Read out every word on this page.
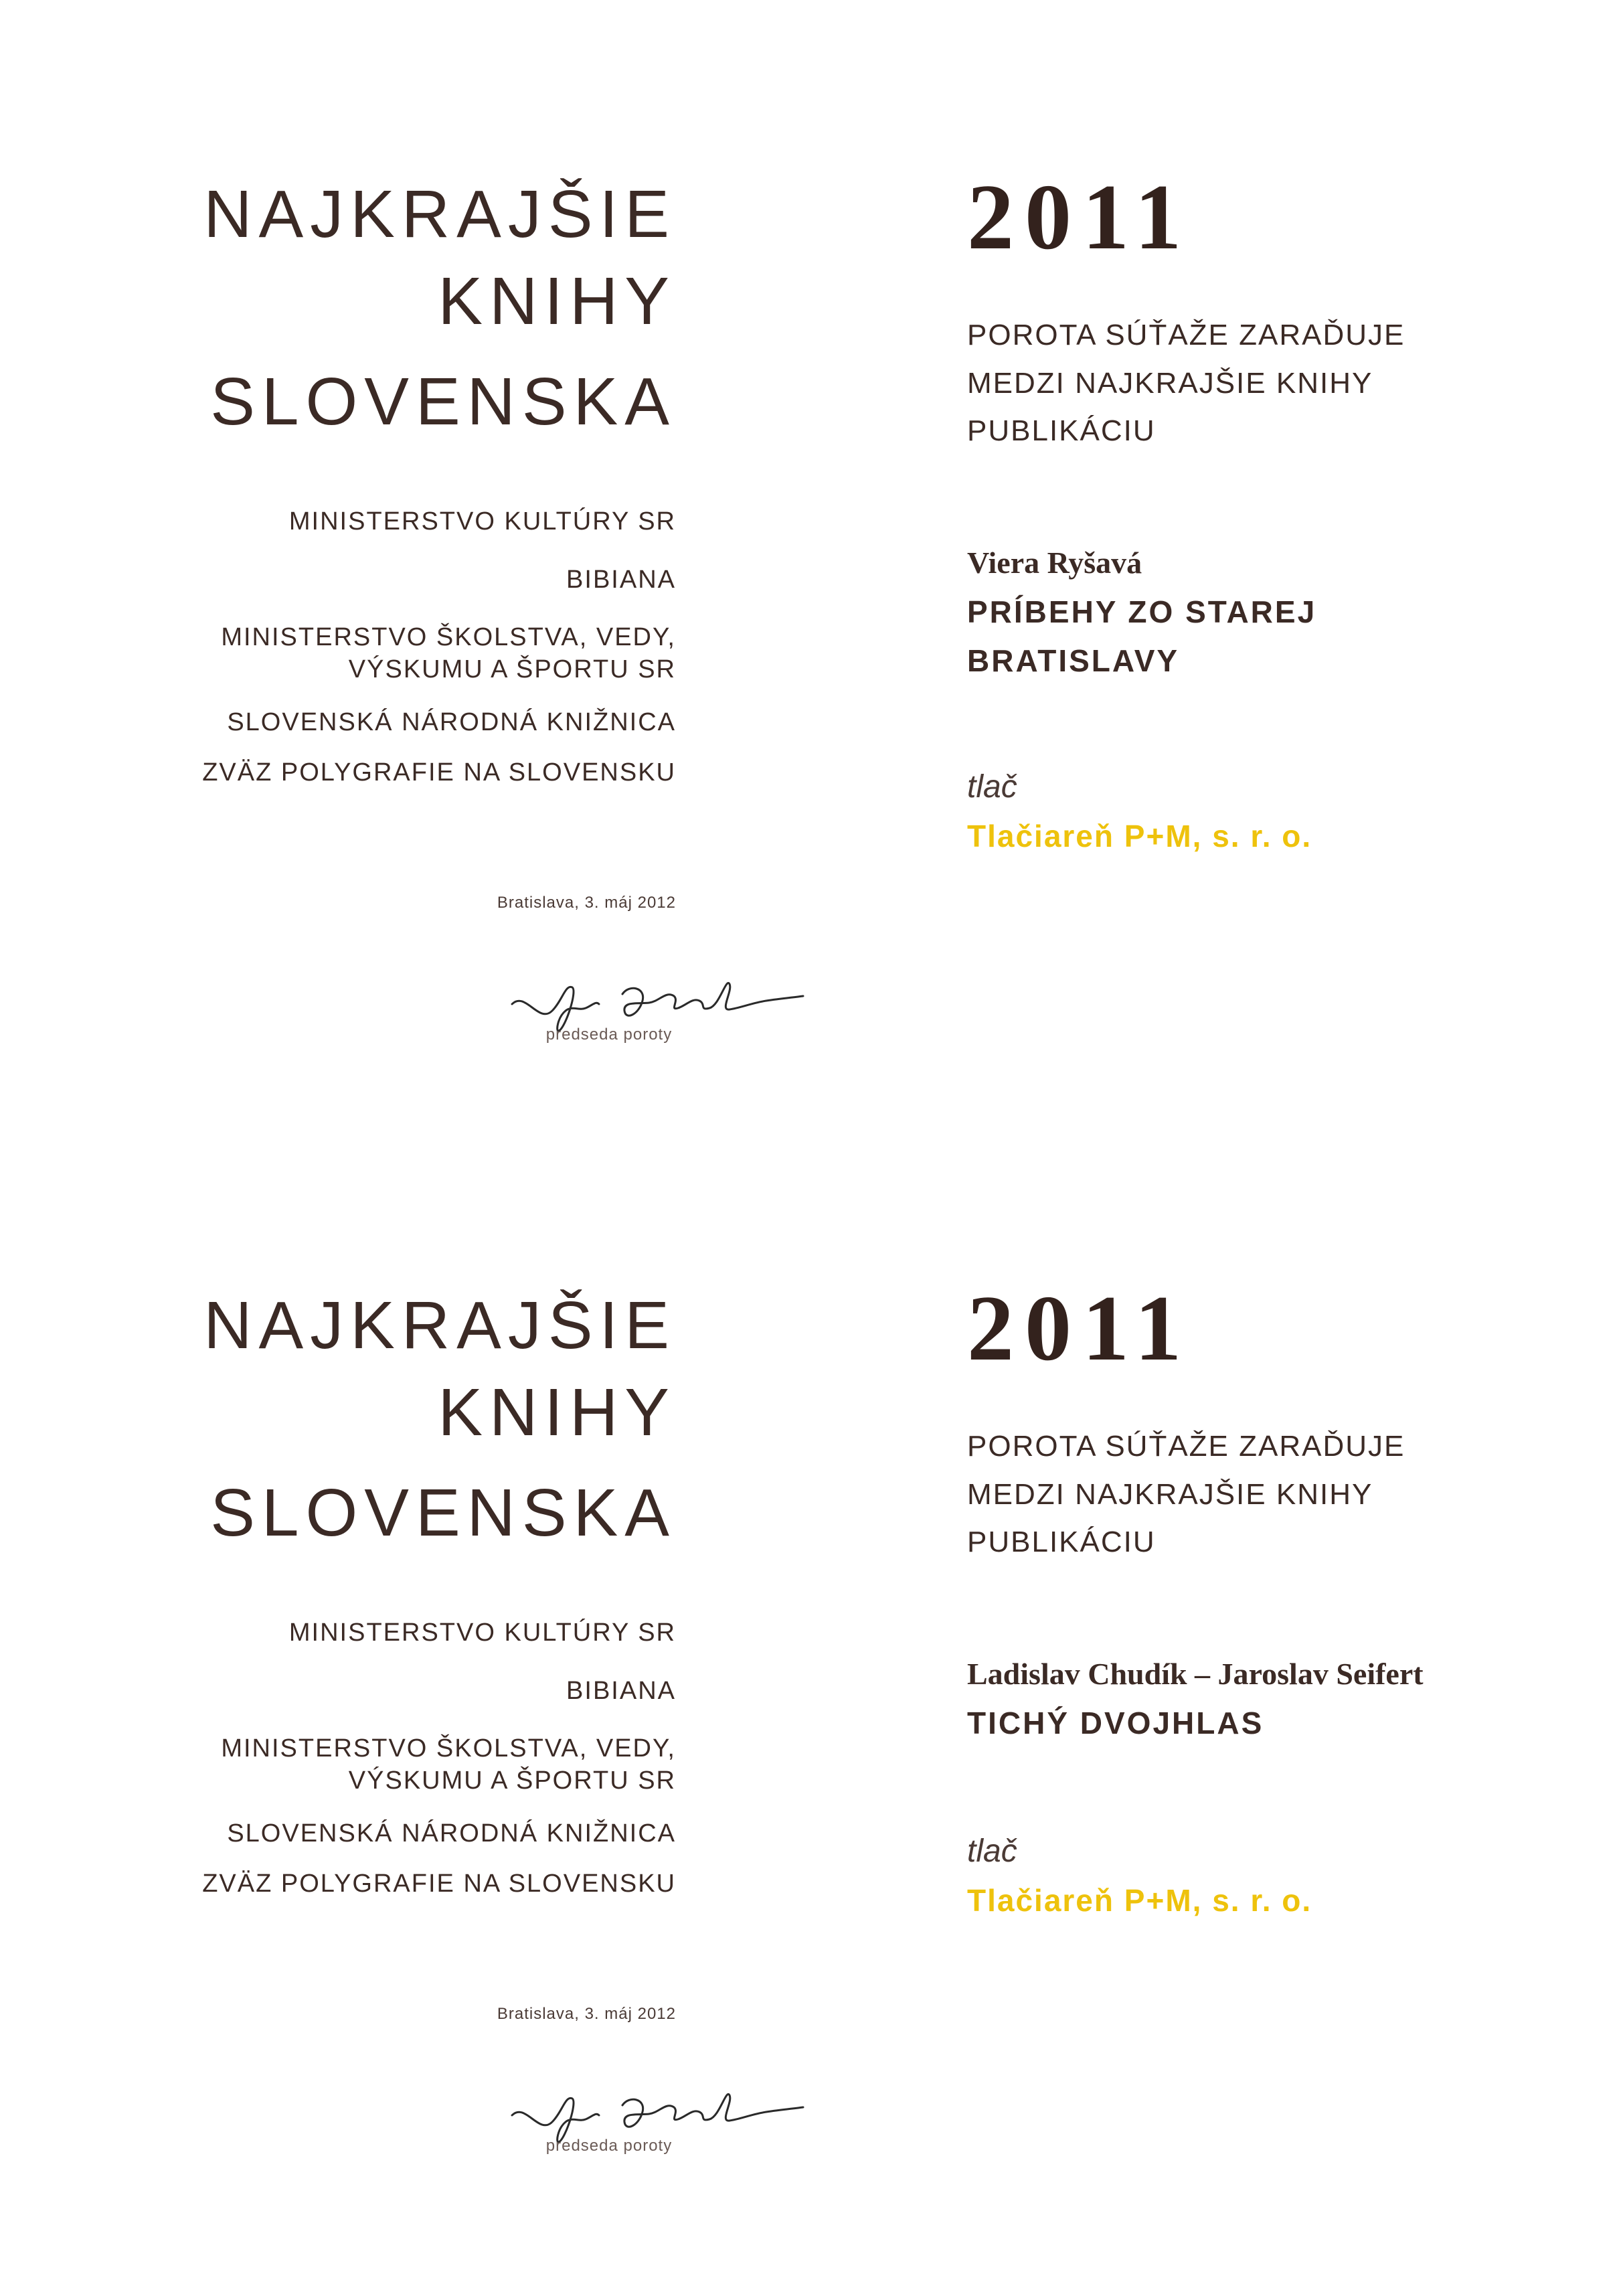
NAJKRAJŠIE
KNIHY
SLOVENSKA
MINISTERSTVO KULTÚRY SR
BIBIANA
MINISTERSTVO ŠKOLSTVA, VEDY,
VÝSKUMU A ŠPORTU SR
SLOVENSKÁ NÁRODNÁ KNIŽNICA
ZVÄZ POLYGRAFIE NA SLOVENSKU
Bratislava, 3. máj 2012
predseda poroty
2011
POROTA SÚŤAŽE ZARAĎUJE
MEDZI NAJKRAJŠIE KNIHY
PUBLIKÁCIU
Viera Ryšavá
PRÍBEHY ZO STAREJ
BRATISLAVY
tlač
Tlačiareň P+M, s. r. o.
NAJKRAJŠIE
KNIHY
SLOVENSKA
MINISTERSTVO KULTÚRY SR
BIBIANA
MINISTERSTVO ŠKOLSTVA, VEDY,
VÝSKUMU A ŠPORTU SR
SLOVENSKÁ NÁRODNÁ KNIŽNICA
ZVÄZ POLYGRAFIE NA SLOVENSKU
Bratislava, 3. máj 2012
predseda poroty
2011
POROTA SÚŤAŽE ZARAĎUJE
MEDZI NAJKRAJŠIE KNIHY
PUBLIKÁCIU
Ladislav Chudík – Jaroslav Seifert
TICHÝ DVOJHLAS
tlač
Tlačiareň P+M, s. r. o.
